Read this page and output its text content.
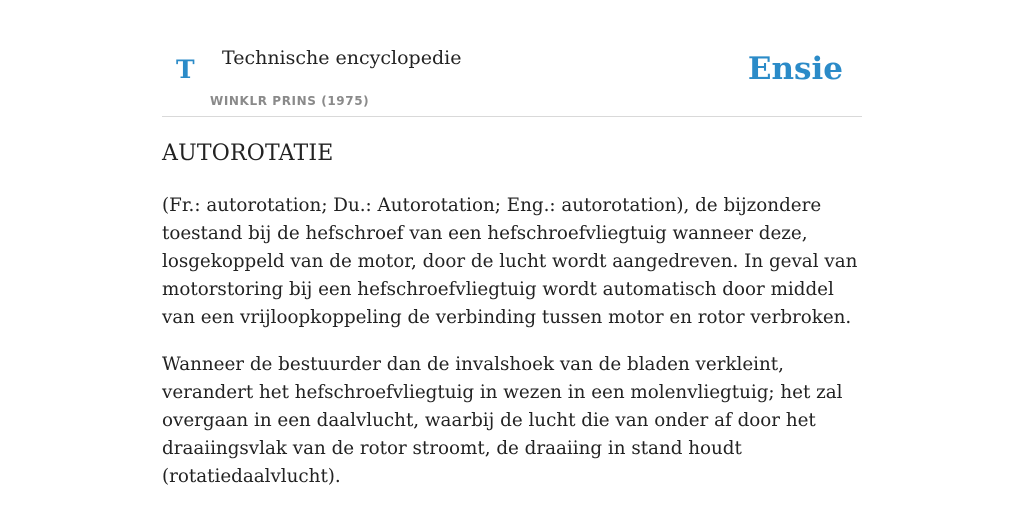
T Technische encyclopedie
WINKLR PRINS (1975)
Ensie
AUTOROTATIE

(Fr.: autorotation; Du.: Autorotation; Eng.: autorotation), de bijzondere toestand bij de hefschroef van een hefschroefvliegtuig wanneer deze, losgekoppeld van de motor, door de lucht wordt aangedreven. In geval van motorstoring bij een hefschroefvliegtuig wordt automatisch door middel van een vrijloopkoppeling de verbinding tussen motor en rotor verbroken.

Wanneer de bestuurder dan de invalshoek van de bladen verkleint, verandert het hefschroefvliegtuig in wezen in een molenvliegtuig; het zal overgaan in een daalvlucht, waarbij de lucht die van onder af door het draaiingsvlak van de rotor stroomt, de draaiing in stand houdt (rotatiedaalvlucht).
